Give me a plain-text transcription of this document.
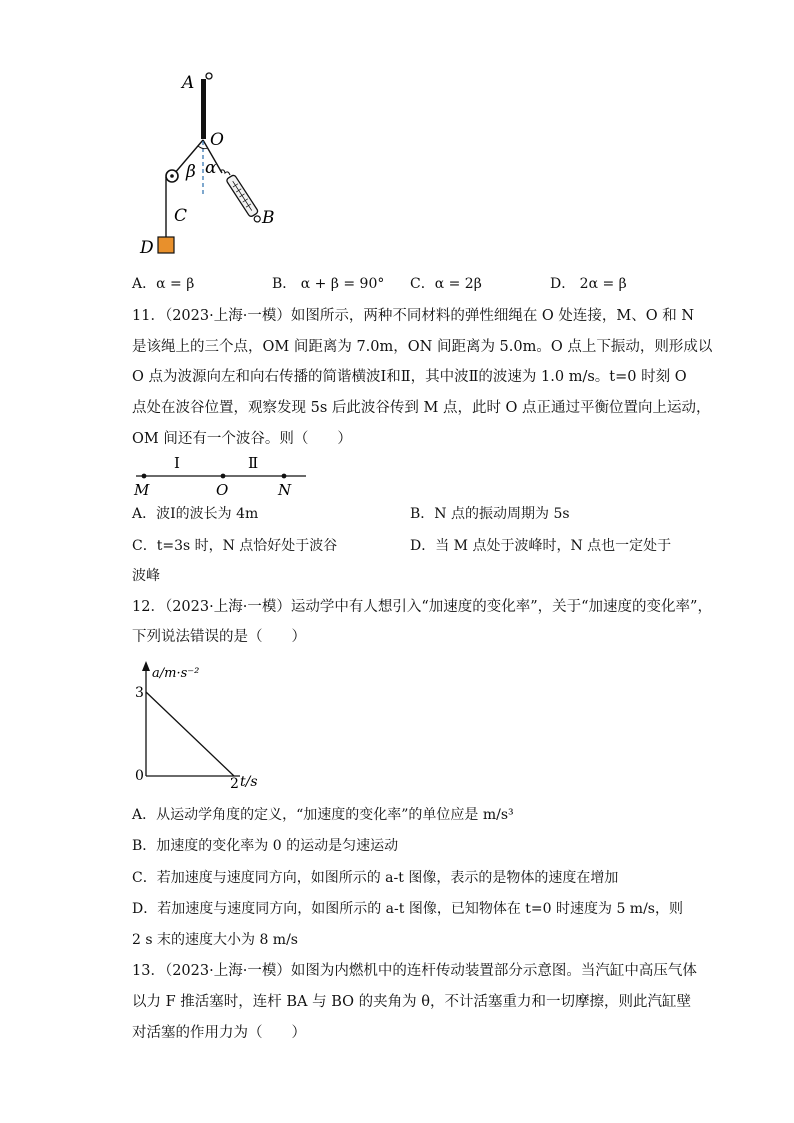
A
O
α
β
C	B
D
A．α = β	B． α + β = 90° C．α = 2β	D． 2α = β
11．（2023·上海·一模）如图所示，两种不同材料的弹性细绳在 O 处连接，M、O 和 N
是该绳上的三个点，OM 间距离为 7.0m，ON 间距离为 5.0m。O 点上下振动，则形成以
O 点为波源向左和向右传播的简谐横波Ⅰ和Ⅱ，其中波Ⅱ的波速为 1.0 m/s。t=0 时刻 O
点处在波谷位置，观察发现 5s 后此波谷传到 M 点，此时 O 点正通过平衡位置向上运动，
OM 间还有一个波谷。则（　　）
Ⅰ	Ⅱ
M	O	N
A．波Ⅰ的波长为 4m	B．N 点的振动周期为 5s
C．t=3s 时，N 点恰好处于波谷	D．当 M 点处于波峰时，N 点也一定处于
波峰
12．（2023·上海·一模）运动学中有人想引入“加速度的变化率”，关于“加速度的变化率”，
下列说法错误的是（　　）
a/m·s⁻²
3
0	2 t/s
A．从运动学角度的定义，“加速度的变化率”的单位应是 m/s³
B．加速度的变化率为 0 的运动是匀速运动
C．若加速度与速度同方向，如图所示的 a-t 图像，表示的是物体的速度在增加
D．若加速度与速度同方向，如图所示的 a-t 图像，已知物体在 t=0 时速度为 5 m/s，则
2 s 末的速度大小为 8 m/s
13．（2023·上海·一模）如图为内燃机中的连杆传动装置部分示意图。当汽缸中高压气体
以力 F 推活塞时，连杆 BA 与 BO 的夹角为 θ，不计活塞重力和一切摩擦，则此汽缸壁
对活塞的作用力为（　　）
